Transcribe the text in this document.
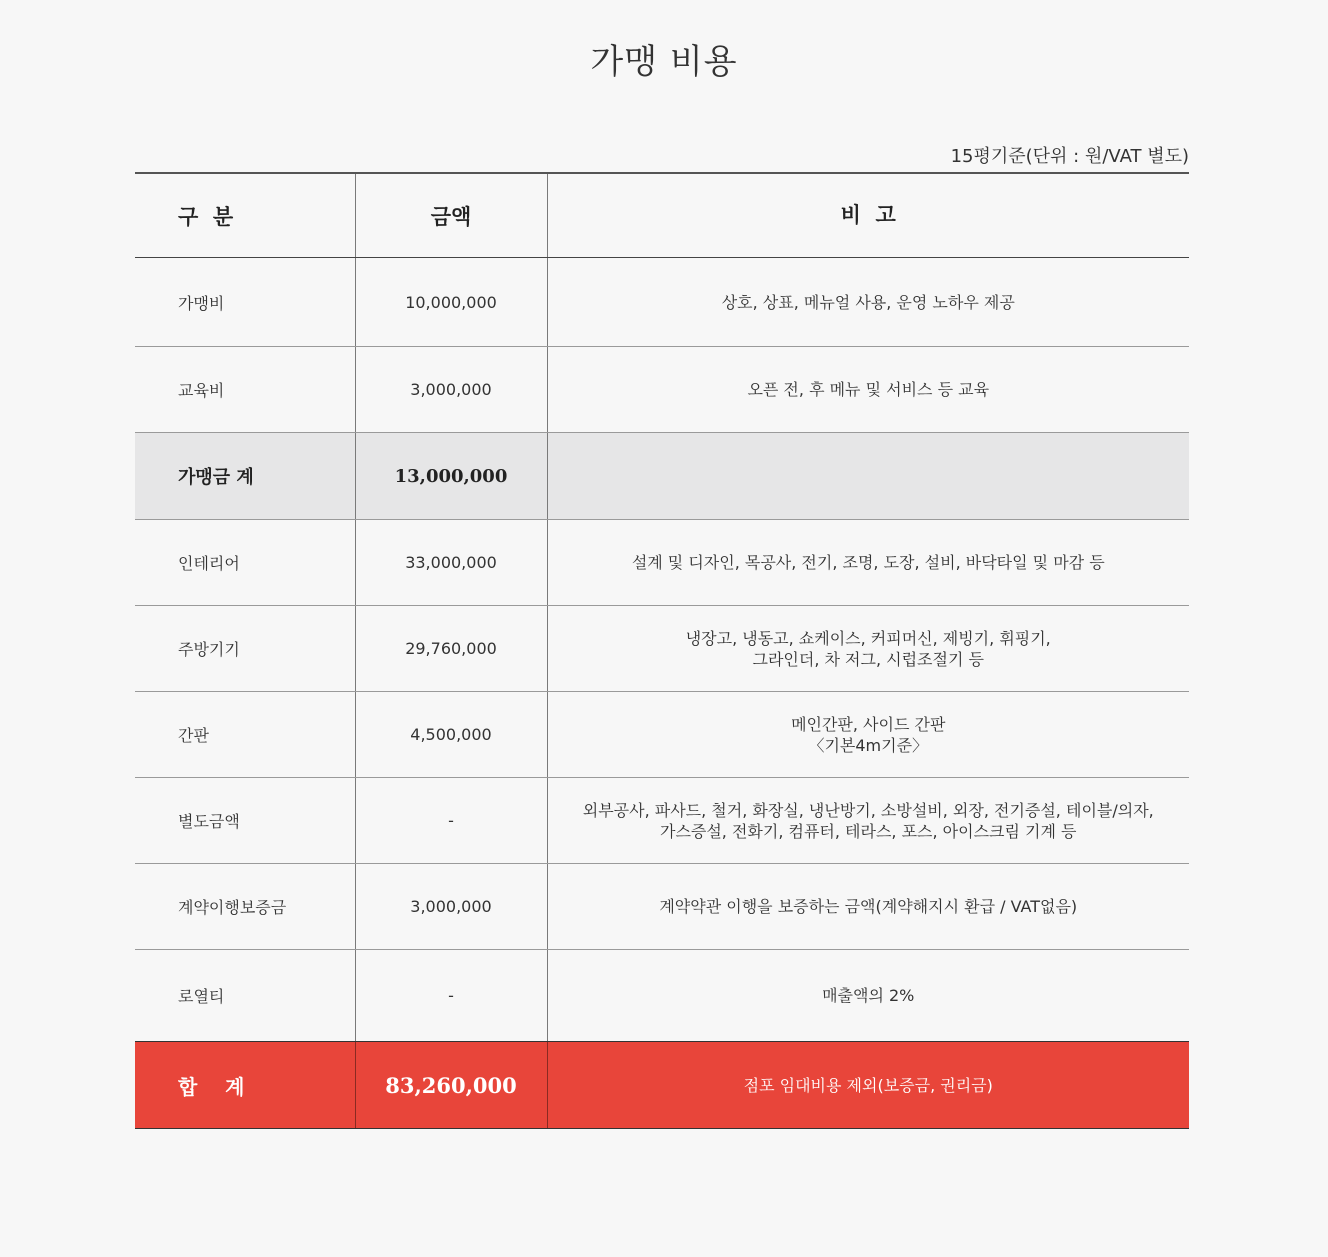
가맹 비용
15평기준(단위 : 원/VAT 별도)
구  분	금액	비  고
가맹비	10,000,000	상호, 상표, 메뉴얼 사용, 운영 노하우 제공

교육비	3,000,000	오픈 전, 후 메뉴 및 서비스 등 교육

가맹금 계	13,000,000	

인테리어	33,000,000	설계 및 디자인, 목공사, 전기, 조명, 도장, 설비, 바닥타일 및 마감 등

주방기기	29,760,000	냉장고, 냉동고, 쇼케이스, 커피머신, 제빙기, 휘핑기,
그라인더, 차 저그, 시럽조절기 등

간판	4,500,000	메인간판, 사이드 간판
〈기본4m기준〉

별도금액	-	외부공사, 파사드, 철거, 화장실, 냉난방기, 소방설비, 외장, 전기증설, 테이블/의자,
가스증설, 전화기, 컴퓨터, 테라스, 포스, 아이스크림 기계 등

계약이행보증금	3,000,000	계약약관 이행을 보증하는 금액(계약해지시 환급 / VAT없음)

로열티	-	매출액의 2%

합    계	83,260,000	점포 임대비용 제외(보증금, 권리금)
